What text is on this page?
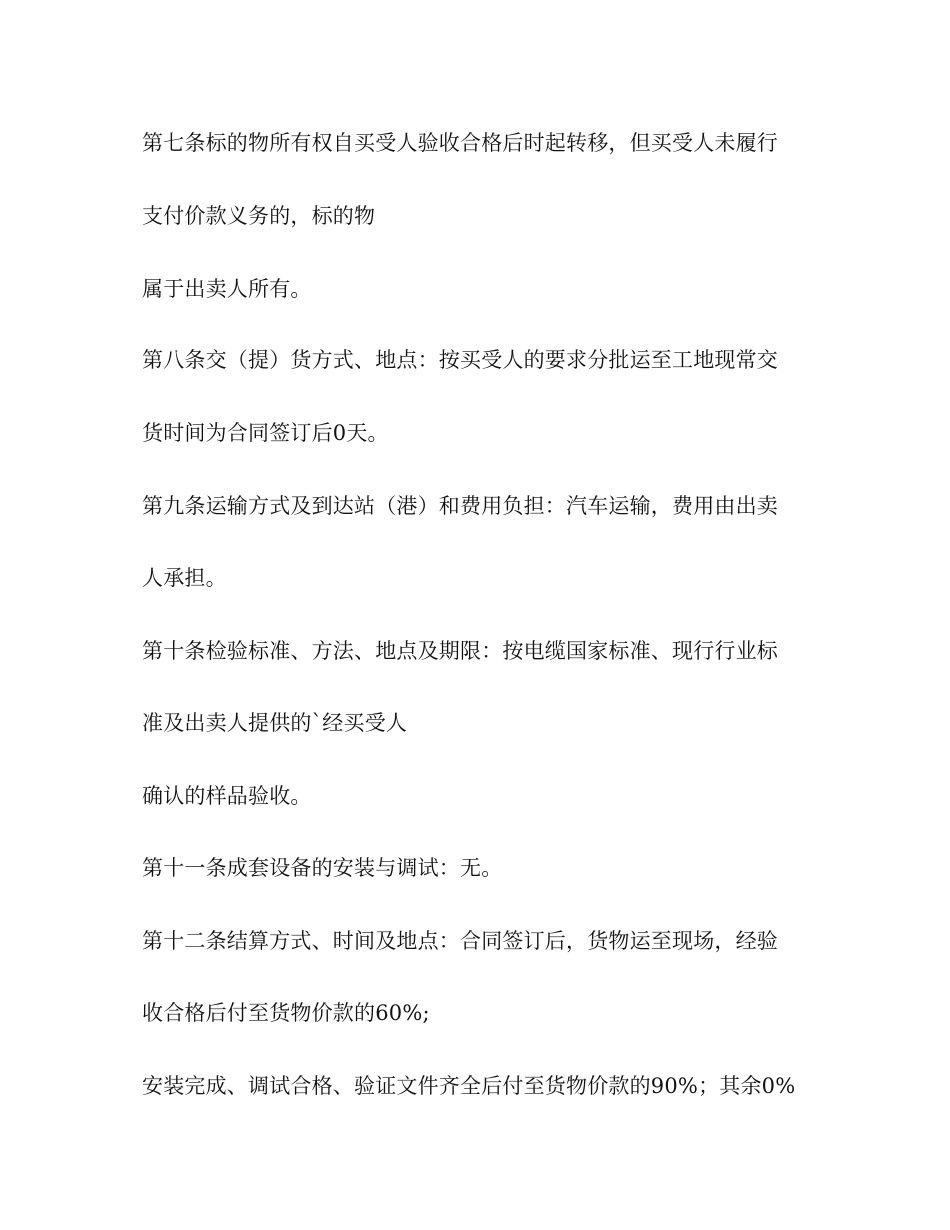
第七条标的物所有权自买受人验收合格后时起转移，但买受人未履行
支付价款义务的，标的物
属于出卖人所有。
第八条交（提）货方式、地点：按买受人的要求分批运至工地现常交
货时间为合同签订后0天。
第九条运输方式及到达站（港）和费用负担：汽车运输，费用由出卖
人承担。
第十条检验标准、方法、地点及期限：按电缆国家标准、现行行业标
准及出卖人提供的`经买受人
确认的样品验收。
第十一条成套设备的安装与调试：无。
第十二条结算方式、时间及地点：合同签订后，货物运至现场，经验
收合格后付至货物价款的60%;
安装完成、调试合格、验证文件齐全后付至货物价款的90%；其余0%
